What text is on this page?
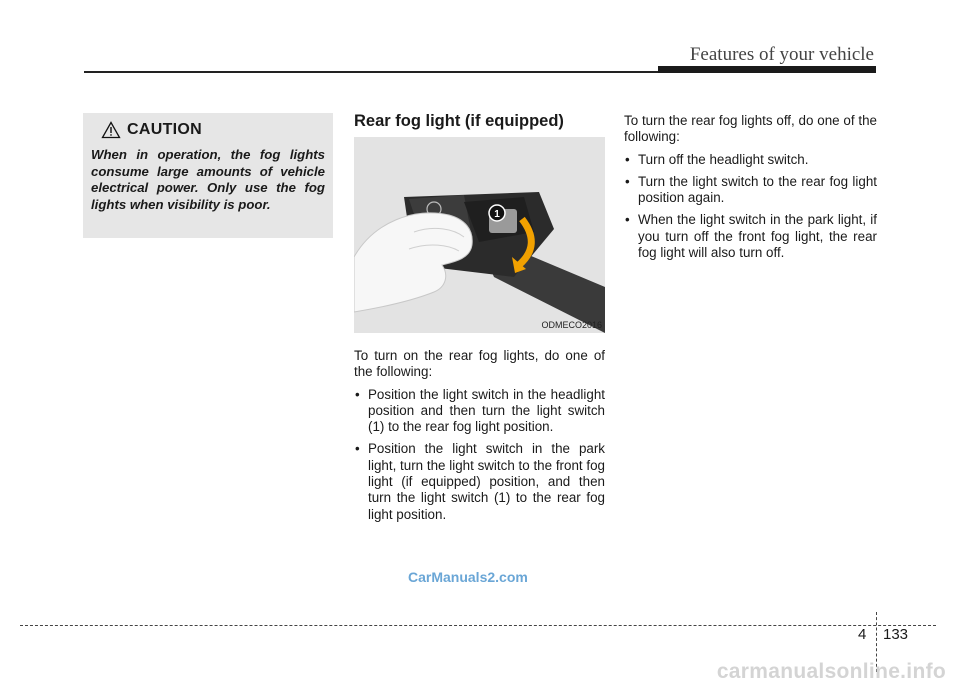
Features of your vehicle
CAUTION
When in operation, the fog lights consume large amounts of vehicle electrical power. Only use the fog lights when visibility is poor.
Rear fog light (if equipped)
1
ODMECO2016

To turn on the rear fog lights, do one of the following:

• Position the light switch in the headlight position and then turn the light switch (1) to the rear fog light position.
• Position the light switch in the park light, turn the light switch to the front fog light (if equipped) position, and then turn the light switch (1) to the rear fog light position.

To turn the rear fog lights off, do one of the following:

• Turn off the headlight switch.
• Turn the light switch to the rear fog light position again.
• When the light switch in the park light, if you turn off the front fog light, the rear fog light will also turn off.
CarManuals2.com
4 133
carmanualsonline.info
